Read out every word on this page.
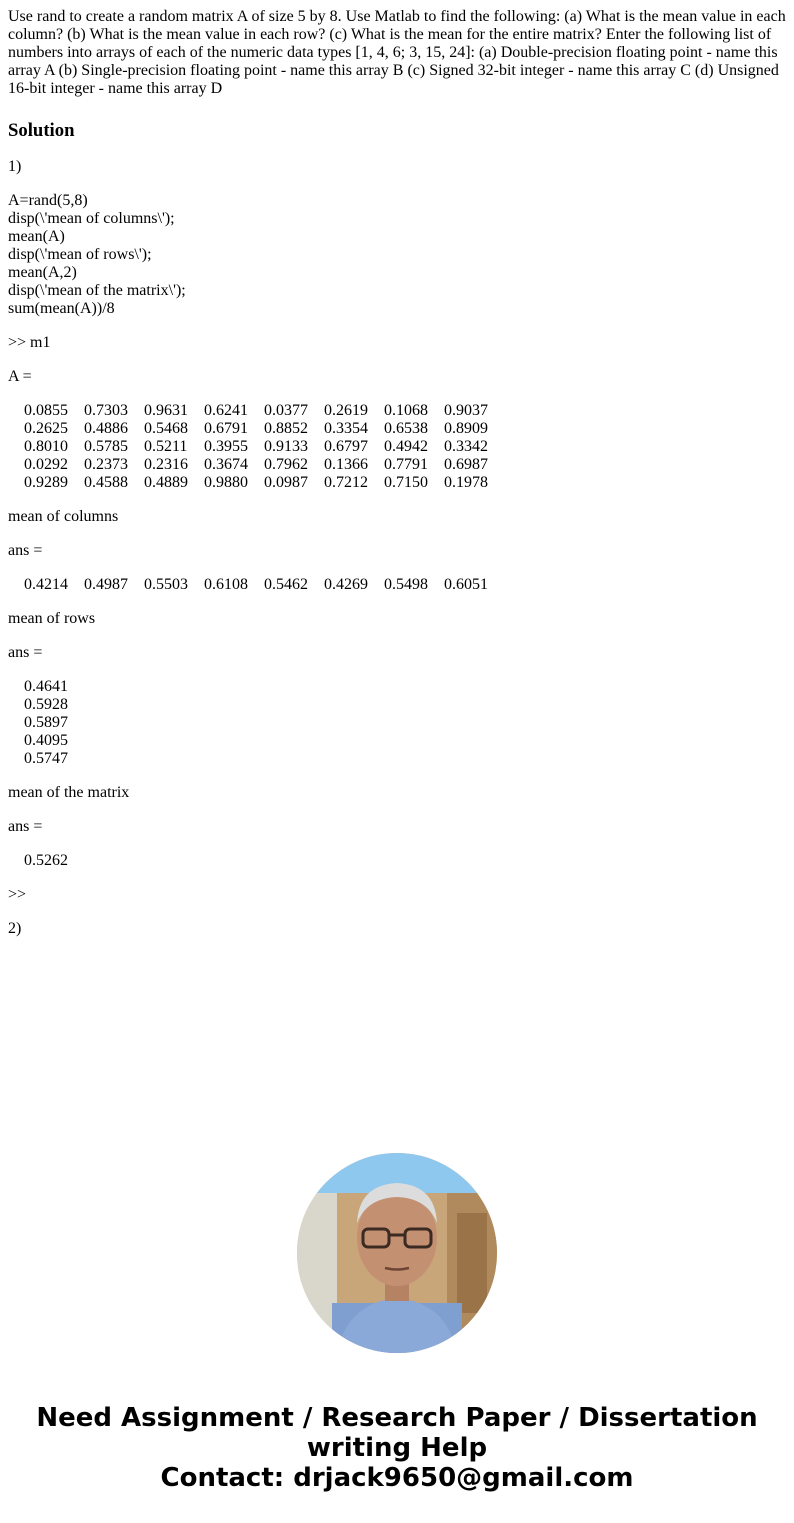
Use rand to create a random matrix A of size 5 by 8. Use Matlab to find the following: (a) What is the mean value in each column? (b) What is the mean value in each row? (c) What is the mean for the entire matrix? Enter the following list of numbers into arrays of each of the numeric data types [1, 4, 6; 3, 15, 24]: (a) Double-precision floating point - name this array A (b) Single-precision floating point - name this array B (c) Signed 32-bit integer - name this array C (d) Unsigned 16-bit integer - name this array D

Solution
1)
A=rand(5,8)
disp(\'mean of columns\');
mean(A)
disp(\'mean of rows\');
mean(A,2)
disp(\'mean of the matrix\');
sum(mean(A))/8
>> m1
A =
0.0855 0.7303 0.9631 0.6241 0.0377 0.2619 0.1068 0.9037
0.2625 0.4886 0.5468 0.6791 0.8852 0.3354 0.6538 0.8909
0.8010 0.5785 0.5211 0.3955 0.9133 0.6797 0.4942 0.3342
0.0292 0.2373 0.2316 0.3674 0.7962 0.1366 0.7791 0.6987
0.9289 0.4588 0.4889 0.9880 0.0987 0.7212 0.7150 0.1978
mean of columns
ans =
0.4214 0.4987 0.5503 0.6108 0.5462 0.4269 0.5498 0.6051
mean of rows
ans =
0.4641
0.5928
0.5897
0.4095
0.5747
mean of the matrix
ans =
0.5262
>>
2)
Need Assignment / Research Paper / Dissertation
writing Help
Contact: drjack9650@gmail.com
